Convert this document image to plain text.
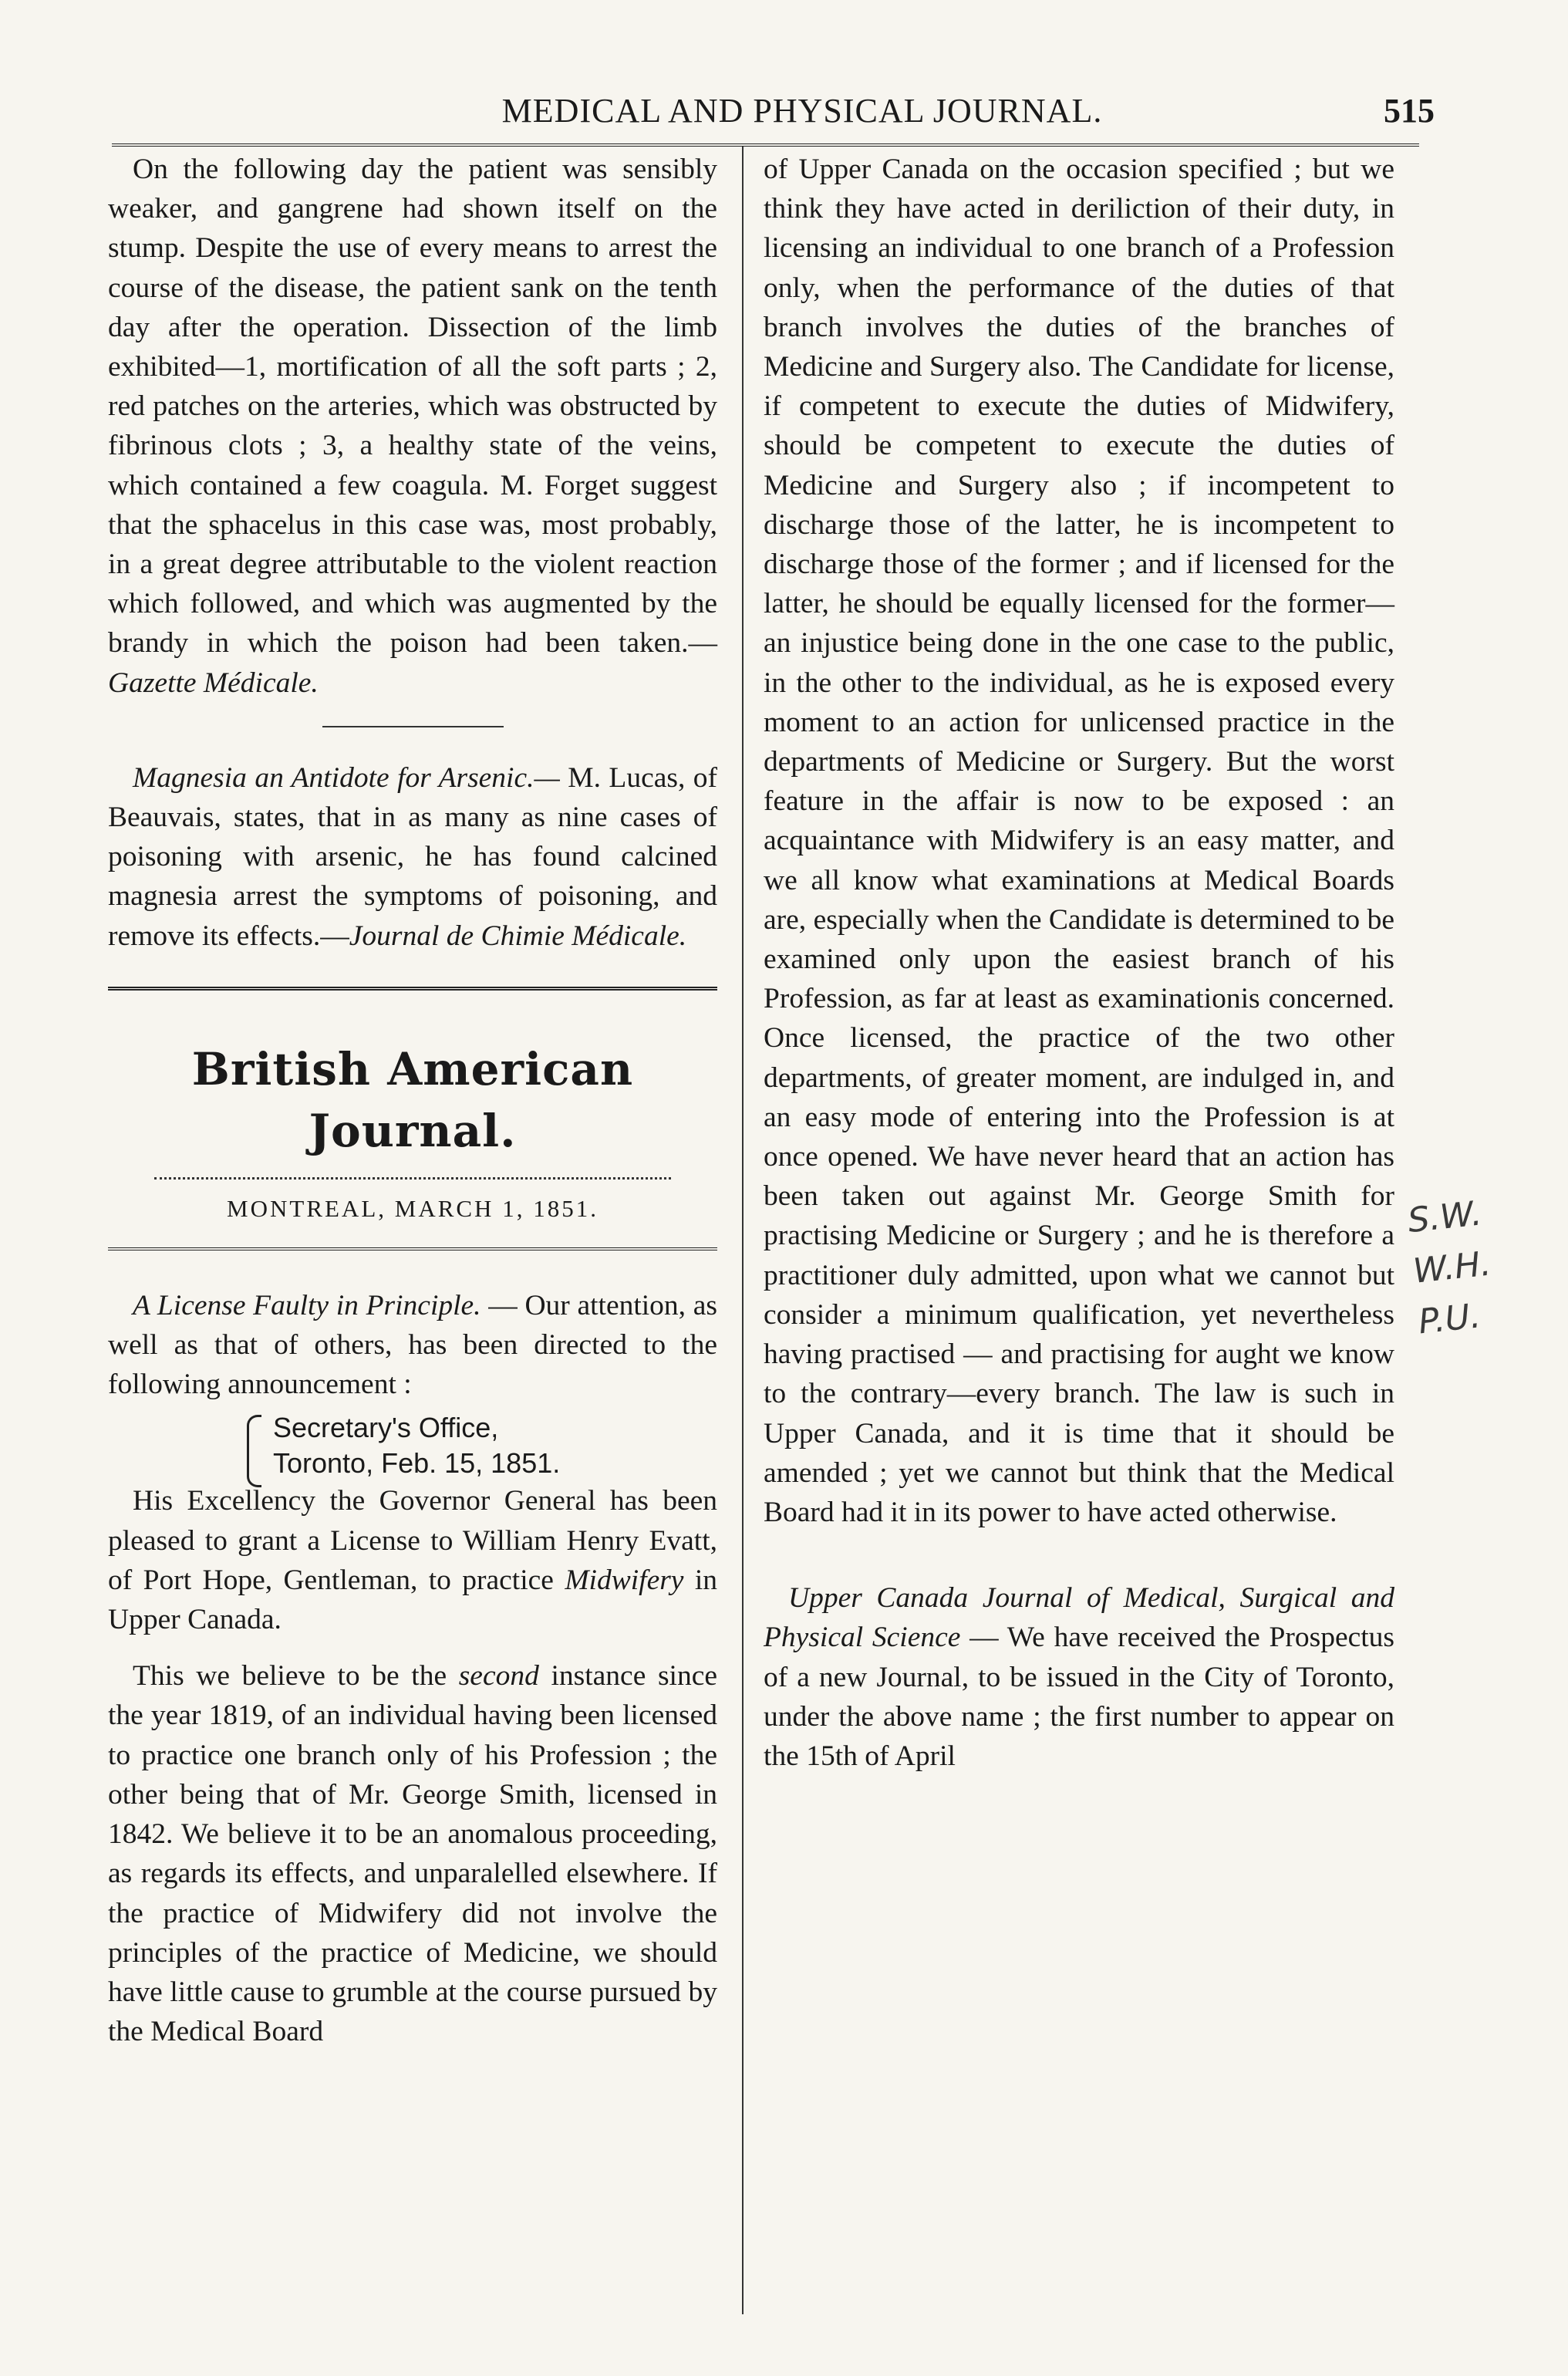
MEDICAL AND PHYSICAL JOURNAL.	515

On the following day the patient was sensibly weaker, and gangrene had shown itself on the stump. Despite the use of every means to arrest the course of the disease, the patient sank on the tenth day after the operation. Dissection of the limb exhibited—1, mortification of all the soft parts ; 2, red patches on the arteries, which was obstructed by fibrinous clots ; 3, a healthy state of the veins, which contained a few coagula. M. Forget suggest that the sphacelus in this case was, most probably, in a great degree attributable to the violent reaction which followed, and which was augmented by the brandy in which the poison had been taken.—Gazette Médicale.

Magnesia an Antidote for Arsenic.— M. Lucas, of Beauvais, states, that in as many as nine cases of poisoning with arsenic, he has found calcined magnesia arrest the symptoms of poisoning, and remove its effects.—Journal de Chimie Médicale.

British American Journal.
MONTREAL, MARCH 1, 1851.

A License Faulty in Principle. — Our attention, as well as that of others, has been directed to the following announcement :

Secretary's Office,
Toronto, Feb. 15, 1851.

His Excellency the Governor General has been pleased to grant a License to William Henry Evatt, of Port Hope, Gentleman, to practice Midwifery in Upper Canada.

This we believe to be the second instance since the year 1819, of an individual having been licensed to practice one branch only of his Profession ; the other being that of Mr. George Smith, licensed in 1842. We believe it to be an anomalous proceeding, as regards its effects, and unparalelled elsewhere. If the practice of Midwifery did not involve the principles of the practice of Medicine, we should have little cause to grumble at the course pursued by the Medical Board

of Upper Canada on the occasion specified ; but we think they have acted in deriliction of their duty, in licensing an individual to one branch of a Profession only, when the performance of the duties of that branch involves the duties of the branches of Medicine and Surgery also. The Candidate for license, if competent to execute the duties of Midwifery, should be competent to execute the duties of Medicine and Surgery also ; if incompetent to discharge those of the latter, he is incompetent to discharge those of the former ; and if licensed for the latter, he should be equally licensed for the former—an injustice being done in the one case to the public, in the other to the individual, as he is exposed every moment to an action for unlicensed practice in the departments of Medicine or Surgery. But the worst feature in the affair is now to be exposed : an acquaintance with Midwifery is an easy matter, and we all know what examinations at Medical Boards are, especially when the Candidate is determined to be examined only upon the easiest branch of his Profession, as far at least as examinationis concerned. Once licensed, the practice of the two other departments, of greater moment, are indulged in, and an easy mode of entering into the Profession is at once opened. We have never heard that an action has been taken out against Mr. George Smith for practising Medicine or Surgery ; and he is therefore a practitioner duly admitted, upon what we cannot but consider a minimum qualification, yet nevertheless having practised — and practising for aught we know to the contrary—every branch. The law is such in Upper Canada, and it is time that it should be amended ; yet we cannot but think that the Medical Board had it in its power to have acted otherwise.

Upper Canada Journal of Medical, Surgical and Physical Science — We have received the Prospectus of a new Journal, to be issued in the City of Toronto, under the above name ; the first number to appear on the 15th of April

S.W.
W.H.
P.U.
